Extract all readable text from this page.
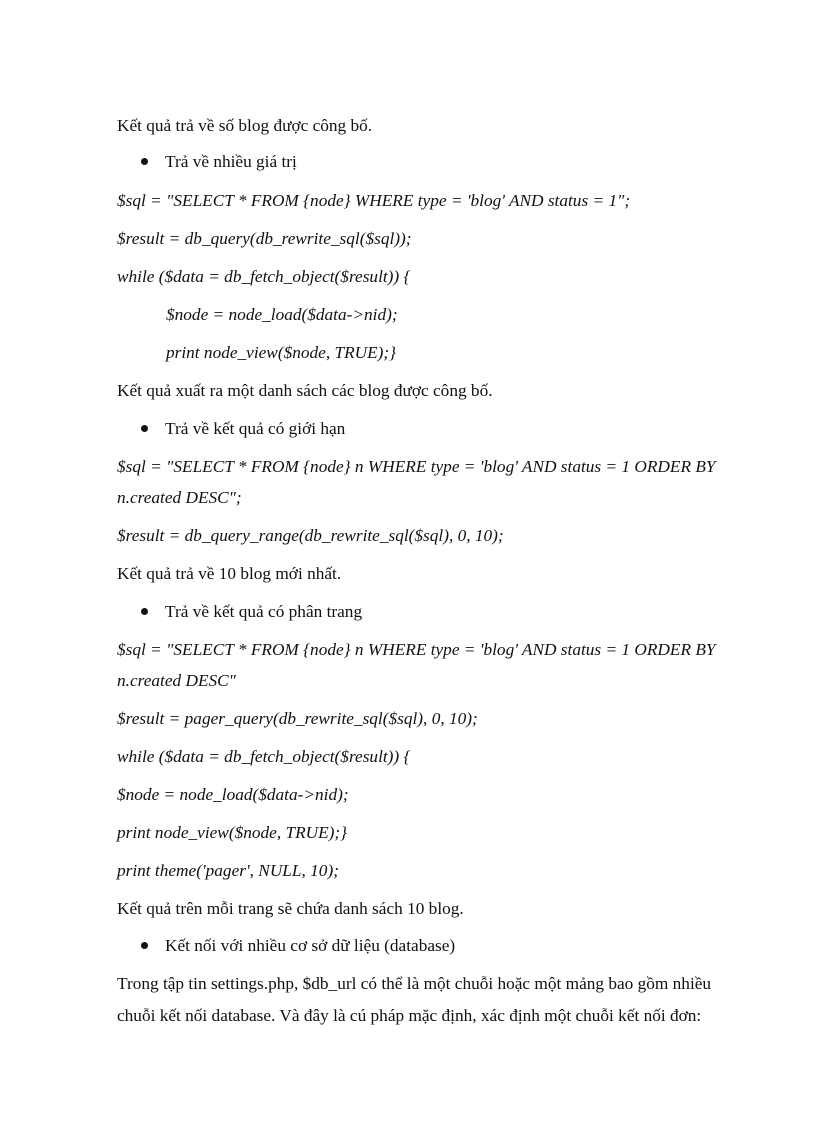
Kết quả trả về số blog được công bố.
Trả về nhiều giá trị
$sql = "SELECT * FROM {node} WHERE type = 'blog' AND status = 1";
$result = db_query(db_rewrite_sql($sql));
while ($data = db_fetch_object($result)) {
$node = node_load($data->nid);
print node_view($node, TRUE);}
Kết quả xuất ra một danh sách các blog được công bố.
Trả về kết quả có giới hạn
$sql = "SELECT * FROM {node} n WHERE type = 'blog' AND status = 1 ORDER BY
n.created DESC";
$result = db_query_range(db_rewrite_sql($sql), 0, 10);
Kết quả trả về 10 blog mới nhất.
Trả về kết quả có phân trang
$sql = "SELECT * FROM {node} n WHERE type = 'blog' AND status = 1 ORDER BY
n.created DESC"
$result = pager_query(db_rewrite_sql($sql), 0, 10);
while ($data = db_fetch_object($result)) {
$node = node_load($data->nid);
print node_view($node, TRUE);}
print theme('pager', NULL, 10);
Kết quả trên mỗi trang sẽ chứa danh sách 10 blog.
Kết nối với nhiều cơ sở dữ liệu (database)
Trong tập tin settings.php, $db_url có thể là một chuỗi hoặc một mảng bao gồm nhiều
chuỗi kết nối database. Và đây là cú pháp mặc định, xác định một chuỗi kết nối đơn:
